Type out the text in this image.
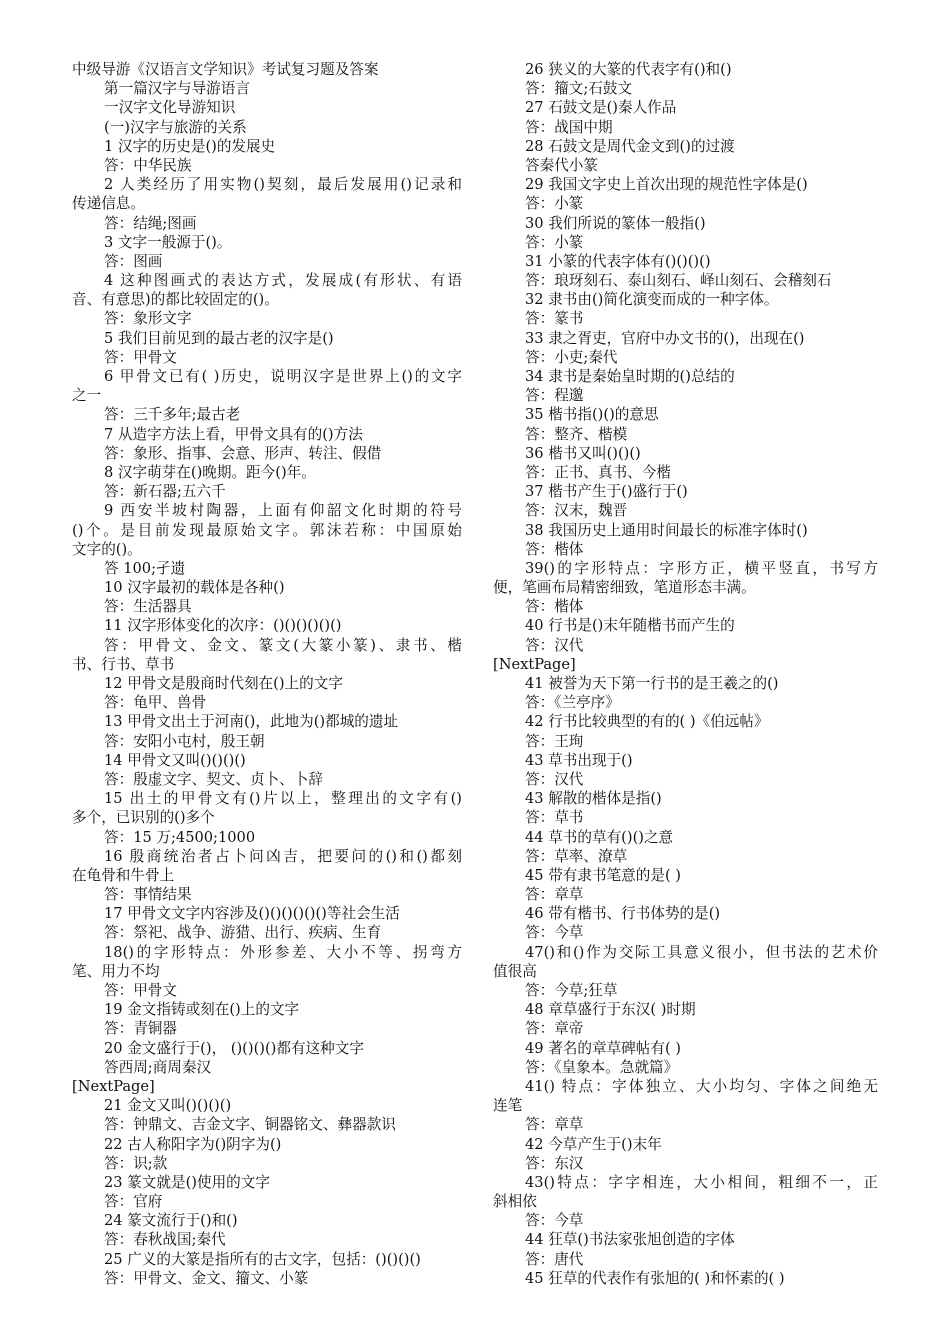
中级导游《汉语言文学知识》考试复习题及答案
第一篇汉字与导游语言
一汉字文化导游知识
(一)汉字与旅游的关系
1 汉字的历史是()的发展史
答：中华民族
2 人类经历了用实物()契刻，最后发展用()记录和
传递信息。
答：结绳;图画
3 文字一般源于()。
答：图画
4 这种图画式的表达方式，发展成(有形状、有语
音、有意思)的都比较固定的()。
答：象形文字
5 我们目前见到的最古老的汉字是()
答：甲骨文
6 甲骨文已有( )历史，说明汉字是世界上()的文字
之一
答：三千多年;最古老
7 从造字方法上看，甲骨文具有的()方法
答：象形、指事、会意、形声、转注、假借
8 汉字萌芽在()晚期。距今()年。
答：新石器;五六千
9 西安半坡村陶器，上面有仰韶文化时期的符号
()个。是目前发现最原始文字。郭沫若称：中国原始
文字的()。
答 100;孑遗
10 汉字最初的载体是各种()
答：生活器具
11 汉字形体变化的次序：()()()()()()
答：甲骨文、金文、篆文(大篆小篆)、隶书、楷
书、行书、草书
12 甲骨文是殷商时代刻在()上的文字
答：龟甲、兽骨
13 甲骨文出土于河南()，此地为()都城的遗址
答：安阳小屯村，殷王朝
14 甲骨文又叫()()()()
答：殷虚文字、契文、贞卜、卜辞
15 出土的甲骨文有()片以上，整理出的文字有()
多个，已识别的()多个
答：15 万;4500;1000
16 殷商统治者占卜问凶吉，把要问的()和()都刻
在龟骨和牛骨上
答：事情结果
17 甲骨文文字内容涉及()()()()()()等社会生活
答：祭祀、战争、游猎、出行、疾病、生育
18()的字形特点：外形参差、大小不等、拐弯方
笔、用力不均
答：甲骨文
19 金文指铸或刻在()上的文字
答：青铜器
20 金文盛行于()， ()()()()都有这种文字
答西周;商周秦汉
[NextPage]
21 金文又叫()()()()
答：钟鼎文、吉金文字、铜器铭文、彝器款识
22 古人称阳字为()阴字为()
答：识;款
23 篆文就是()使用的文字
答：官府
24 篆文流行于()和()
答：春秋战国;秦代
25 广义的大篆是指所有的古文字，包括：()()()()
答：甲骨文、金文、籀文、小篆
26 狭义的大篆的代表字有()和()
答：籀文;石鼓文
27 石鼓文是()秦人作品
答：战国中期
28 石鼓文是周代金文到()的过渡
答秦代小篆
29 我国文字史上首次出现的规范性字体是()
答：小篆
30 我们所说的篆体一般指()
答：小篆
31 小篆的代表字体有()()()()
答：琅玡刻石、泰山刻石、峄山刻石、会稽刻石
32 隶书由()简化演变而成的一种字体。
答：篆书
33 隶之胥吏，官府中办文书的()，出现在()
答：小吏;秦代
34 隶书是秦始皇时期的()总结的
答：程邈
35 楷书指()()的意思
答：整齐、楷模
36 楷书又叫()()()
答：正书、真书、今楷
37 楷书产生于()盛行于()
答：汉末，魏晋
38 我国历史上通用时间最长的标准字体时()
答：楷体
39()的字形特点：字形方正，横平竖直，书写方
便，笔画布局精密细致，笔道形态丰满。
答：楷体
40 行书是()末年随楷书而产生的
答：汉代
[NextPage]
41 被誉为天下第一行书的是王羲之的()
答：《兰亭序》
42 行书比较典型的有的( )《伯远帖》
答：王珣
43 草书出现于()
答：汉代
43 解散的楷体是指()
答：草书
44 草书的草有()()之意
答：草率、潦草
45 带有隶书笔意的是( )
答：章草
46 带有楷书、行书体势的是()
答：今草
47()和()作为交际工具意义很小，但书法的艺术价
值很高
答：今草;狂草
48 章草盛行于东汉( )时期
答：章帝
49 著名的章草碑帖有( )
答：《皇象本。急就篇》
41() 特点：字体独立、大小均匀、字体之间绝无
连笔
答：章草
42 今草产生于()末年
答：东汉
43()特点：字字相连，大小相间，粗细不一，正
斜相依
答：今草
44 狂草()书法家张旭创造的字体
答：唐代
45 狂草的代表作有张旭的( )和怀素的( )
